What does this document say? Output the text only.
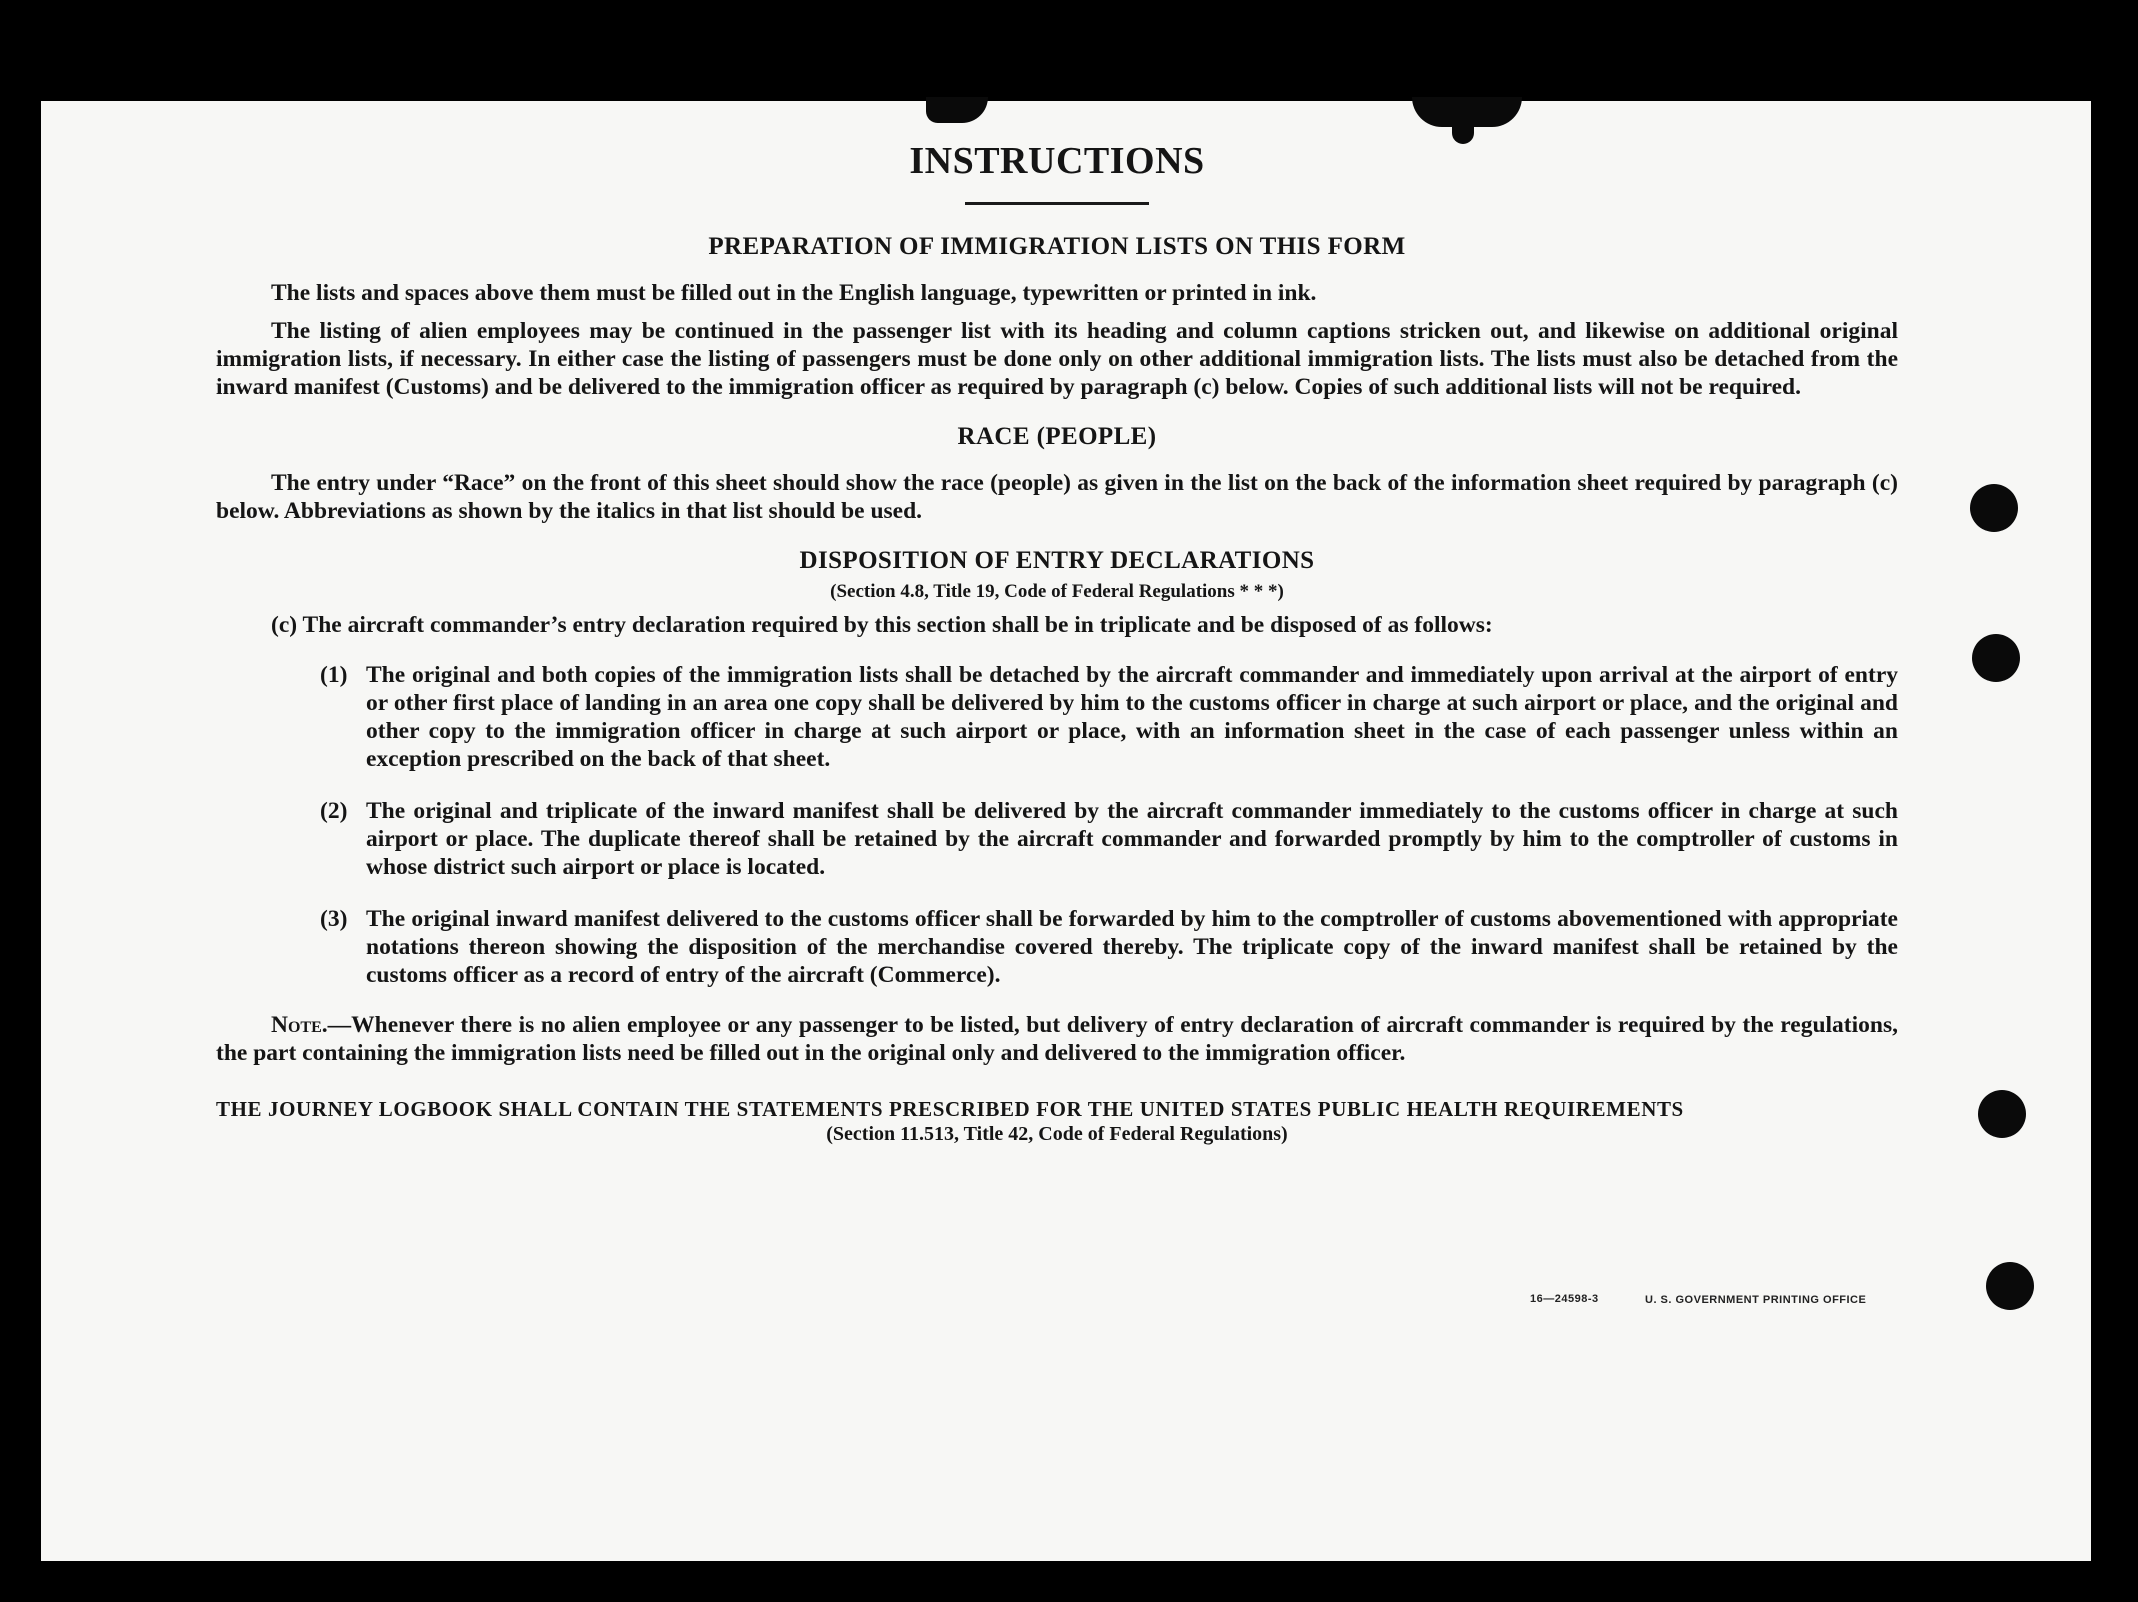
INSTRUCTIONS
PREPARATION OF IMMIGRATION LISTS ON THIS FORM

The lists and spaces above them must be filled out in the English language, typewritten or printed in ink.

The listing of alien employees may be continued in the passenger list with its heading and column captions stricken out, and likewise on additional original immigration lists, if necessary. In either case the listing of passengers must be done only on other additional immigration lists. The lists must also be detached from the inward manifest (Customs) and be delivered to the immigration officer as required by paragraph (c) below. Copies of such additional lists will not be required.

RACE (PEOPLE)

The entry under “Race” on the front of this sheet should show the race (people) as given in the list on the back of the information sheet required by paragraph (c) below. Abbreviations as shown by the italics in that list should be used.

DISPOSITION OF ENTRY DECLARATIONS

(Section 4.8, Title 19, Code of Federal Regulations * * *)

(c) The aircraft commander’s entry declaration required by this section shall be in triplicate and be disposed of as follows:

(1) The original and both copies of the immigration lists shall be detached by the aircraft commander and immediately upon arrival at the airport of entry or other first place of landing in an area one copy shall be delivered by him to the customs officer in charge at such airport or place, and the original and other copy to the immigration officer in charge at such airport or place, with an information sheet in the case of each passenger unless within an exception prescribed on the back of that sheet.
(2) The original and triplicate of the inward manifest shall be delivered by the aircraft commander immediately to the customs officer in charge at such airport or place. The duplicate thereof shall be retained by the aircraft commander and forwarded promptly by him to the comptroller of customs in whose district such airport or place is located.
(3) The original inward manifest delivered to the customs officer shall be forwarded by him to the comptroller of customs abovementioned with appropriate notations thereon showing the disposition of the merchandise covered thereby. The triplicate copy of the inward manifest shall be retained by the customs officer as a record of entry of the aircraft (Commerce).

Note.—Whenever there is no alien employee or any passenger to be listed, but delivery of entry declaration of aircraft commander is required by the regulations, the part containing the immigration lists need be filled out in the original only and delivered to the immigration officer.

THE JOURNEY LOGBOOK SHALL CONTAIN THE STATEMENTS PRESCRIBED FOR THE UNITED STATES PUBLIC HEALTH REQUIREMENTS

(Section 11.513, Title 42, Code of Federal Regulations)

16—24598-3	U. S. GOVERNMENT PRINTING OFFICE
